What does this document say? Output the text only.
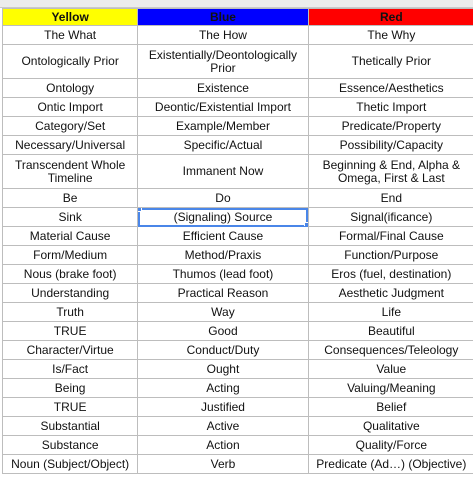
Yellow	Blue	Red
The What	The How	The Why
Ontologically Prior	Existentially/Deontologically Prior	Thetically Prior
Ontology	Existence	Essence/Aesthetics
Ontic Import	Deontic/Existential Import	Thetic Import
Category/Set	Example/Member	Predicate/Property
Necessary/Universal	Specific/Actual	Possibility/Capacity
Transcendent Whole Timeline	Immanent Now	Beginning & End, Alpha & Omega, First & Last
Be	Do	End
Sink	(Signaling) Source	Signal(ificance)
Material Cause	Efficient Cause	Formal/Final Cause
Form/Medium	Method/Praxis	Function/Purpose
Nous (brake foot)	Thumos (lead foot)	Eros (fuel, destination)
Understanding	Practical Reason	Aesthetic Judgment
Truth	Way	Life
TRUE	Good	Beautiful
Character/Virtue	Conduct/Duty	Consequences/Teleology
Is/Fact	Ought	Value
Being	Acting	Valuing/Meaning
TRUE	Justified	Belief
Substantial	Active	Qualitative
Substance	Action	Quality/Force
Noun (Subject/Object)	Verb	Predicate (Ad…) (Objective)
